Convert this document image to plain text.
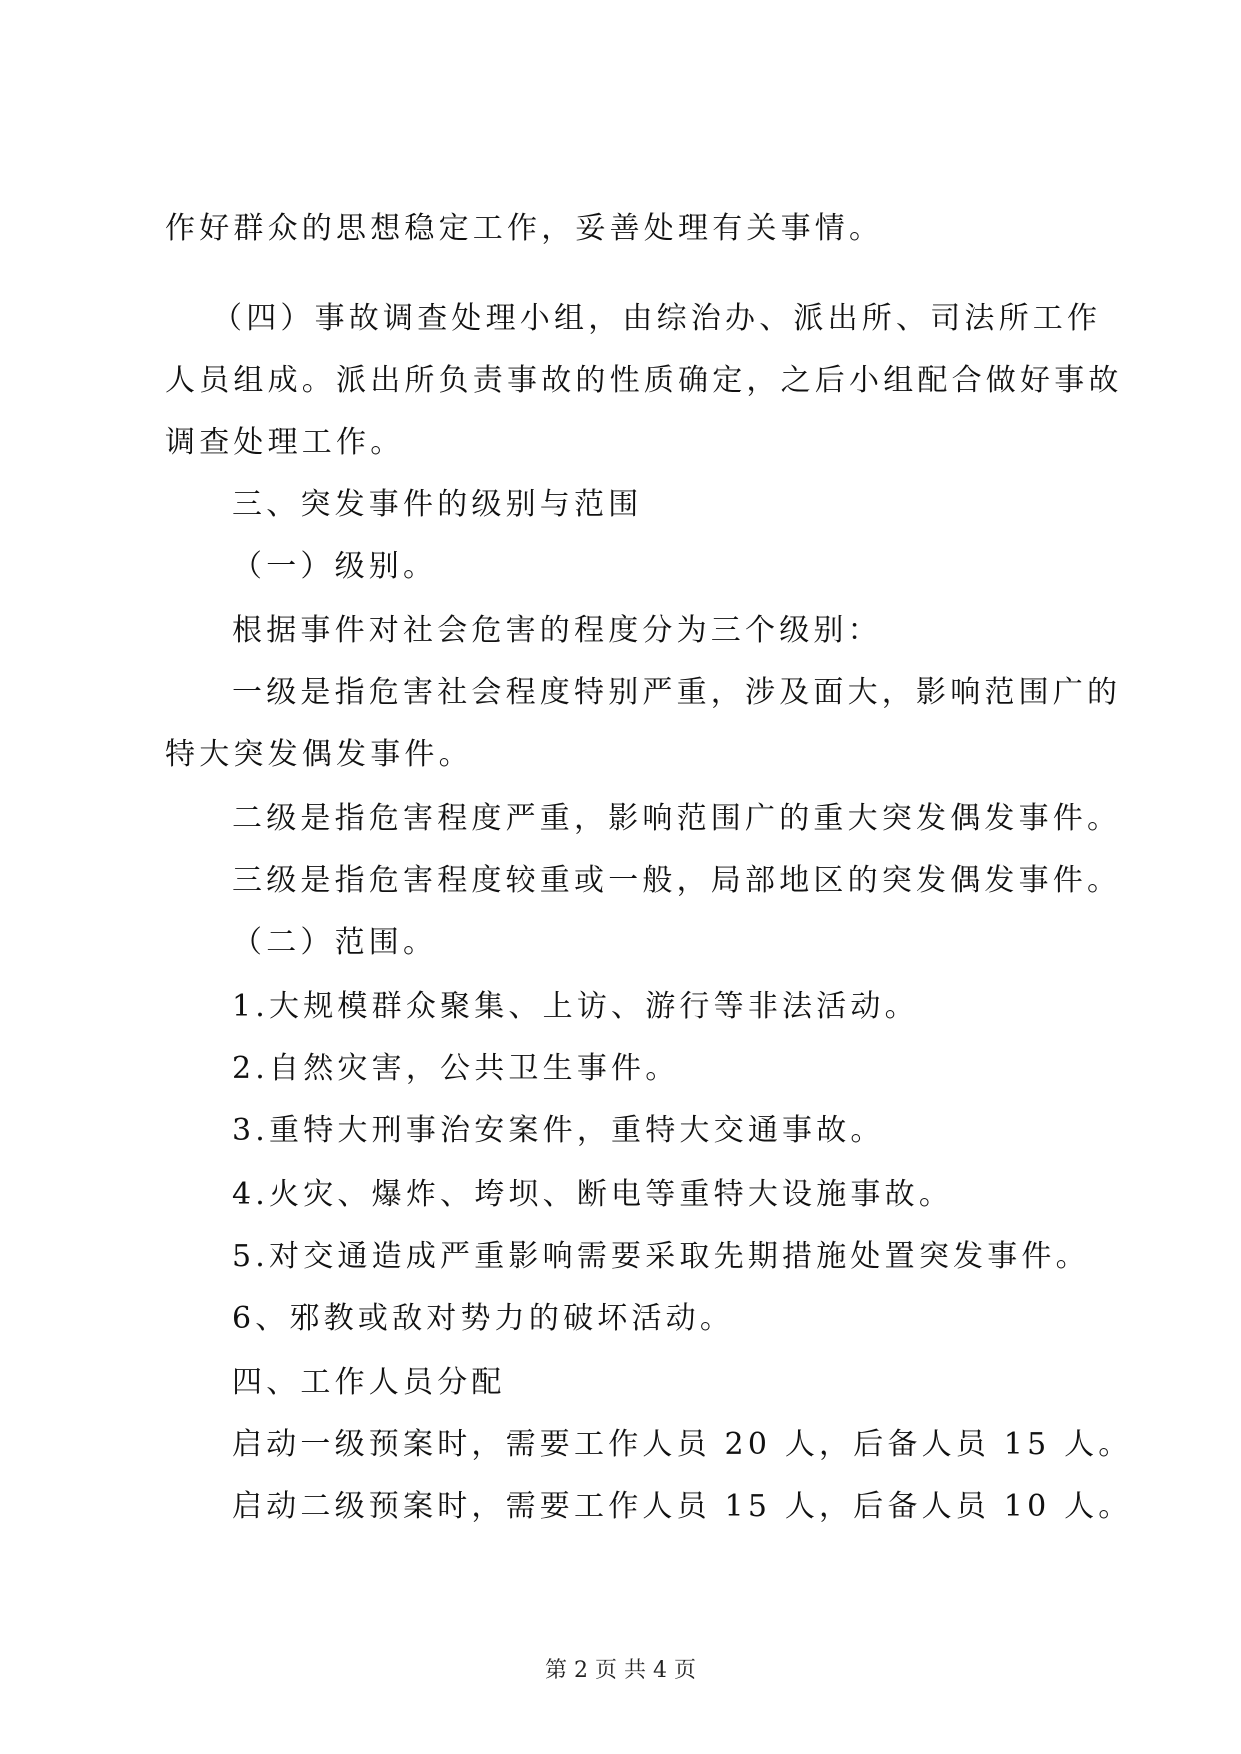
作好群众的思想稳定工作，妥善处理有关事情。
（四）事故调查处理小组，由综治办、派出所、司法所工作
人员组成。派出所负责事故的性质确定，之后小组配合做好事故
调查处理工作。
三、突发事件的级别与范围
（一）级别。
根据事件对社会危害的程度分为三个级别：
一级是指危害社会程度特别严重，涉及面大，影响范围广的
特大突发偶发事件。
二级是指危害程度严重，影响范围广的重大突发偶发事件。
三级是指危害程度较重或一般，局部地区的突发偶发事件。
（二）范围。
1.大规模群众聚集、上访、游行等非法活动。
2.自然灾害，公共卫生事件。
3.重特大刑事治安案件，重特大交通事故。
4.火灾、爆炸、垮坝、断电等重特大设施事故。
5.对交通造成严重影响需要采取先期措施处置突发事件。
6、邪教或敌对势力的破坏活动。
四、工作人员分配
启动一级预案时，需要工作人员 20 人，后备人员 15 人。
启动二级预案时，需要工作人员 15 人，后备人员 10 人。
第 2 页 共 4 页
